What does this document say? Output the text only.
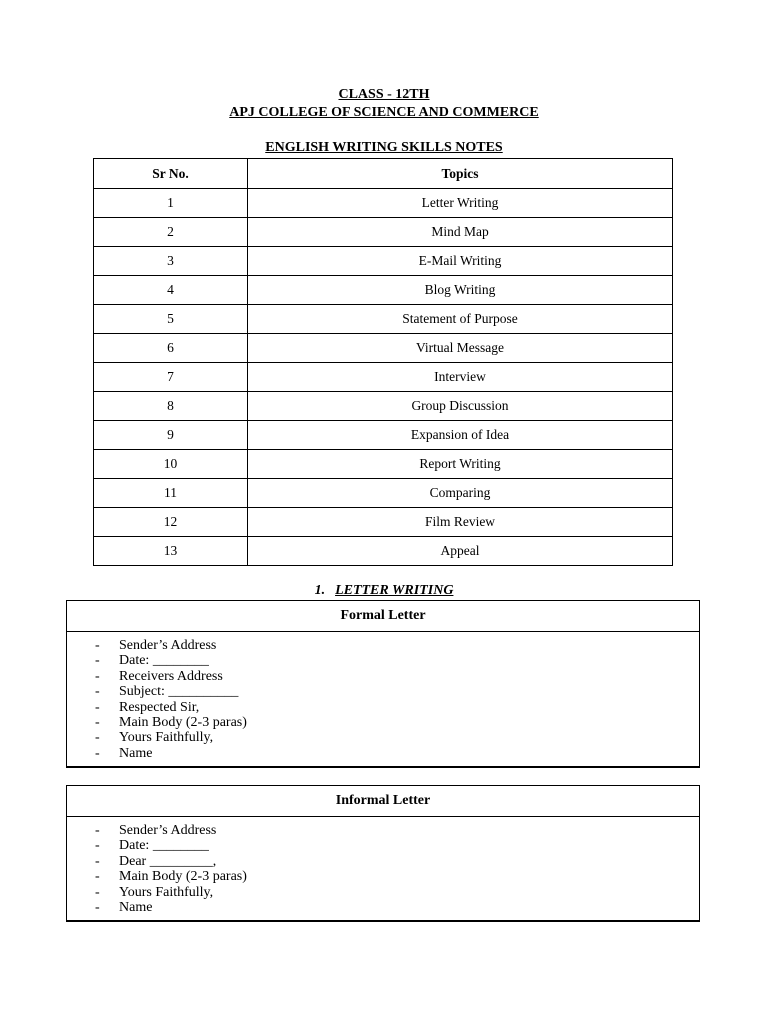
CLASS - 12TH
APJ COLLEGE OF SCIENCE AND COMMERCE
ENGLISH WRITING SKILLS NOTES
Sr No.	Topics
1	Letter Writing
2	Mind Map
3	E-Mail Writing
4	Blog Writing
5	Statement of Purpose
6	Virtual Message
7	Interview
8	Group Discussion
9	Expansion of Idea
10	Report Writing
11	Comparing
12	Film Review
13	Appeal
1. LETTER WRITING
Formal Letter
- Sender’s Address
- Date: ________
- Receivers Address
- Subject: __________
- Respected Sir,
- Main Body (2-3 paras)
- Yours Faithfully,
- Name
Informal Letter
- Sender’s Address
- Date: ________
- Dear _________,
- Main Body (2-3 paras)
- Yours Faithfully,
- Name
